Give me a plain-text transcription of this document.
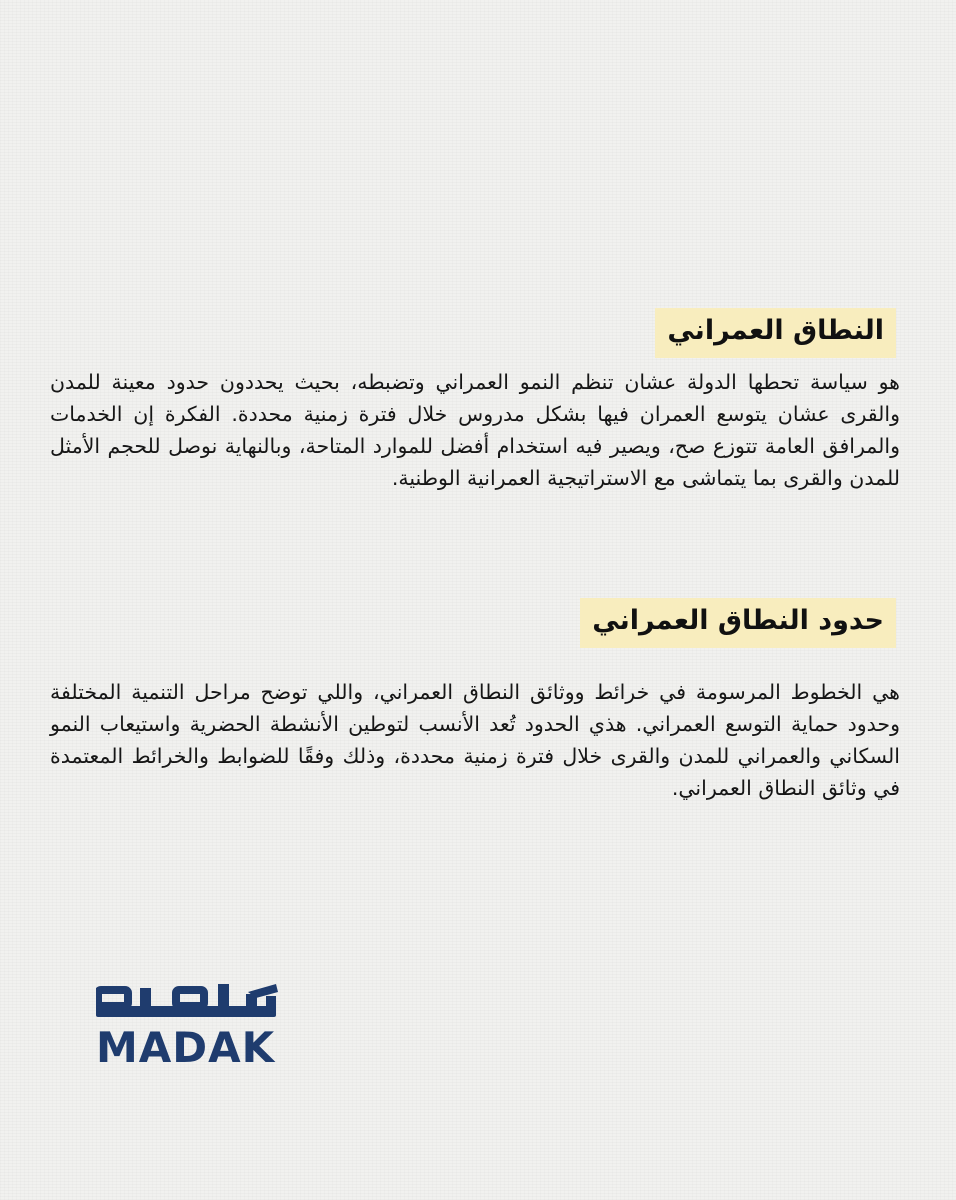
النطاق العمراني

هو سياسة تحطها الدولة عشان تنظم النمو العمراني وتضبطه، بحيث يحددون حدود معينة للمدن والقرى عشان يتوسع العمران فيها بشكل مدروس خلال فترة زمنية محددة. الفكرة إن الخدمات والمرافق العامة تتوزع صح، ويصير فيه استخدام أفضل للموارد المتاحة، وبالنهاية نوصل للحجم الأمثل للمدن والقرى بما يتماشى مع الاستراتيجية العمرانية الوطنية.

حدود النطاق العمراني

هي الخطوط المرسومة في خرائط ووثائق النطاق العمراني، واللي توضح مراحل التنمية المختلفة وحدود حماية التوسع العمراني. هذي الحدود تُعد الأنسب لتوطين الأنشطة الحضرية واستيعاب النمو السكاني والعمراني للمدن والقرى خلال فترة زمنية محددة، وذلك وفقًا للضوابط والخرائط المعتمدة في وثائق النطاق العمراني.

MADAK
